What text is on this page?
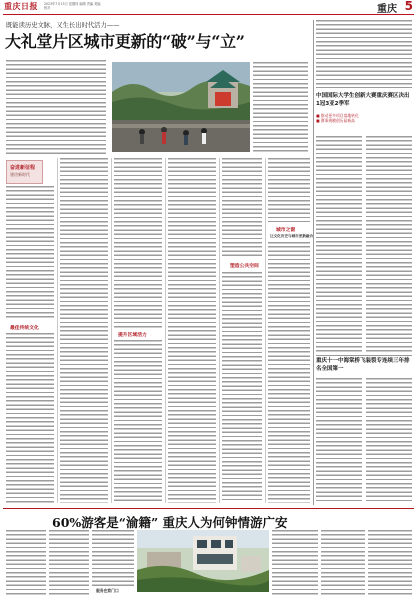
重庆日报 2023年7月13日 星期四 编辑 责编 美编 校对	重庆 5
既能读历史文脉，又生长出时代活力——
大礼堂片区城市更新的“破”与“立”
奋进新征程
建功新时代
最佳传统文化
提升区域活力
塑造公共空间
城市之窗
让文化历史与城市更新融合
中国国际大学生创新大赛重庆赛区决出1冠3亚2季军
■ 推动更多项目落地转化
■ 赛事规模创历届新高
重庆十一中海棠桥飞装裂专连续三年排名全国第一
60%游客是“渝籍” 重庆人为何钟情游广安
服务在家门口
